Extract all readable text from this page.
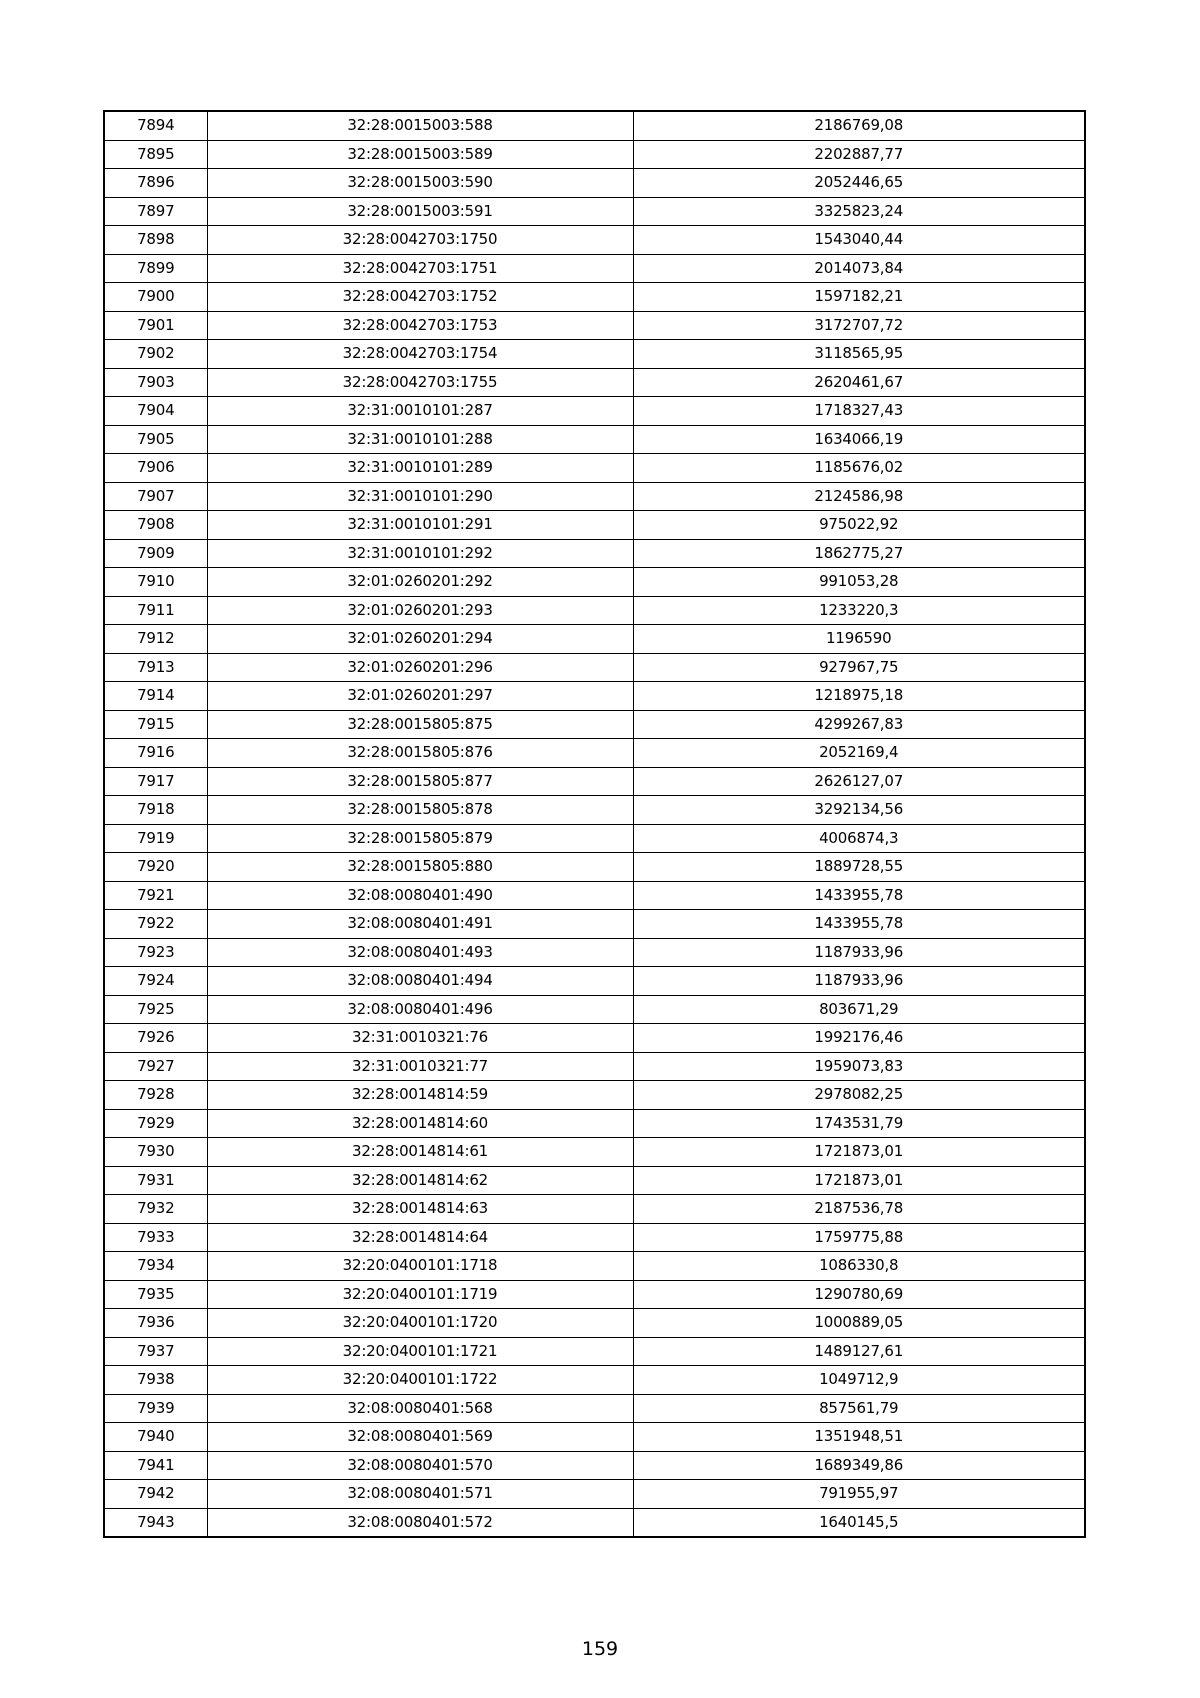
7894	32:28:0015003:588	2186769,08
7895	32:28:0015003:589	2202887,77
7896	32:28:0015003:590	2052446,65
7897	32:28:0015003:591	3325823,24
7898	32:28:0042703:1750	1543040,44
7899	32:28:0042703:1751	2014073,84
7900	32:28:0042703:1752	1597182,21
7901	32:28:0042703:1753	3172707,72
7902	32:28:0042703:1754	3118565,95
7903	32:28:0042703:1755	2620461,67
7904	32:31:0010101:287	1718327,43
7905	32:31:0010101:288	1634066,19
7906	32:31:0010101:289	1185676,02
7907	32:31:0010101:290	2124586,98
7908	32:31:0010101:291	975022,92
7909	32:31:0010101:292	1862775,27
7910	32:01:0260201:292	991053,28
7911	32:01:0260201:293	1233220,3
7912	32:01:0260201:294	1196590
7913	32:01:0260201:296	927967,75
7914	32:01:0260201:297	1218975,18
7915	32:28:0015805:875	4299267,83
7916	32:28:0015805:876	2052169,4
7917	32:28:0015805:877	2626127,07
7918	32:28:0015805:878	3292134,56
7919	32:28:0015805:879	4006874,3
7920	32:28:0015805:880	1889728,55
7921	32:08:0080401:490	1433955,78
7922	32:08:0080401:491	1433955,78
7923	32:08:0080401:493	1187933,96
7924	32:08:0080401:494	1187933,96
7925	32:08:0080401:496	803671,29
7926	32:31:0010321:76	1992176,46
7927	32:31:0010321:77	1959073,83
7928	32:28:0014814:59	2978082,25
7929	32:28:0014814:60	1743531,79
7930	32:28:0014814:61	1721873,01
7931	32:28:0014814:62	1721873,01
7932	32:28:0014814:63	2187536,78
7933	32:28:0014814:64	1759775,88
7934	32:20:0400101:1718	1086330,8
7935	32:20:0400101:1719	1290780,69
7936	32:20:0400101:1720	1000889,05
7937	32:20:0400101:1721	1489127,61
7938	32:20:0400101:1722	1049712,9
7939	32:08:0080401:568	857561,79
7940	32:08:0080401:569	1351948,51
7941	32:08:0080401:570	1689349,86
7942	32:08:0080401:571	791955,97
7943	32:08:0080401:572	1640145,5
159
